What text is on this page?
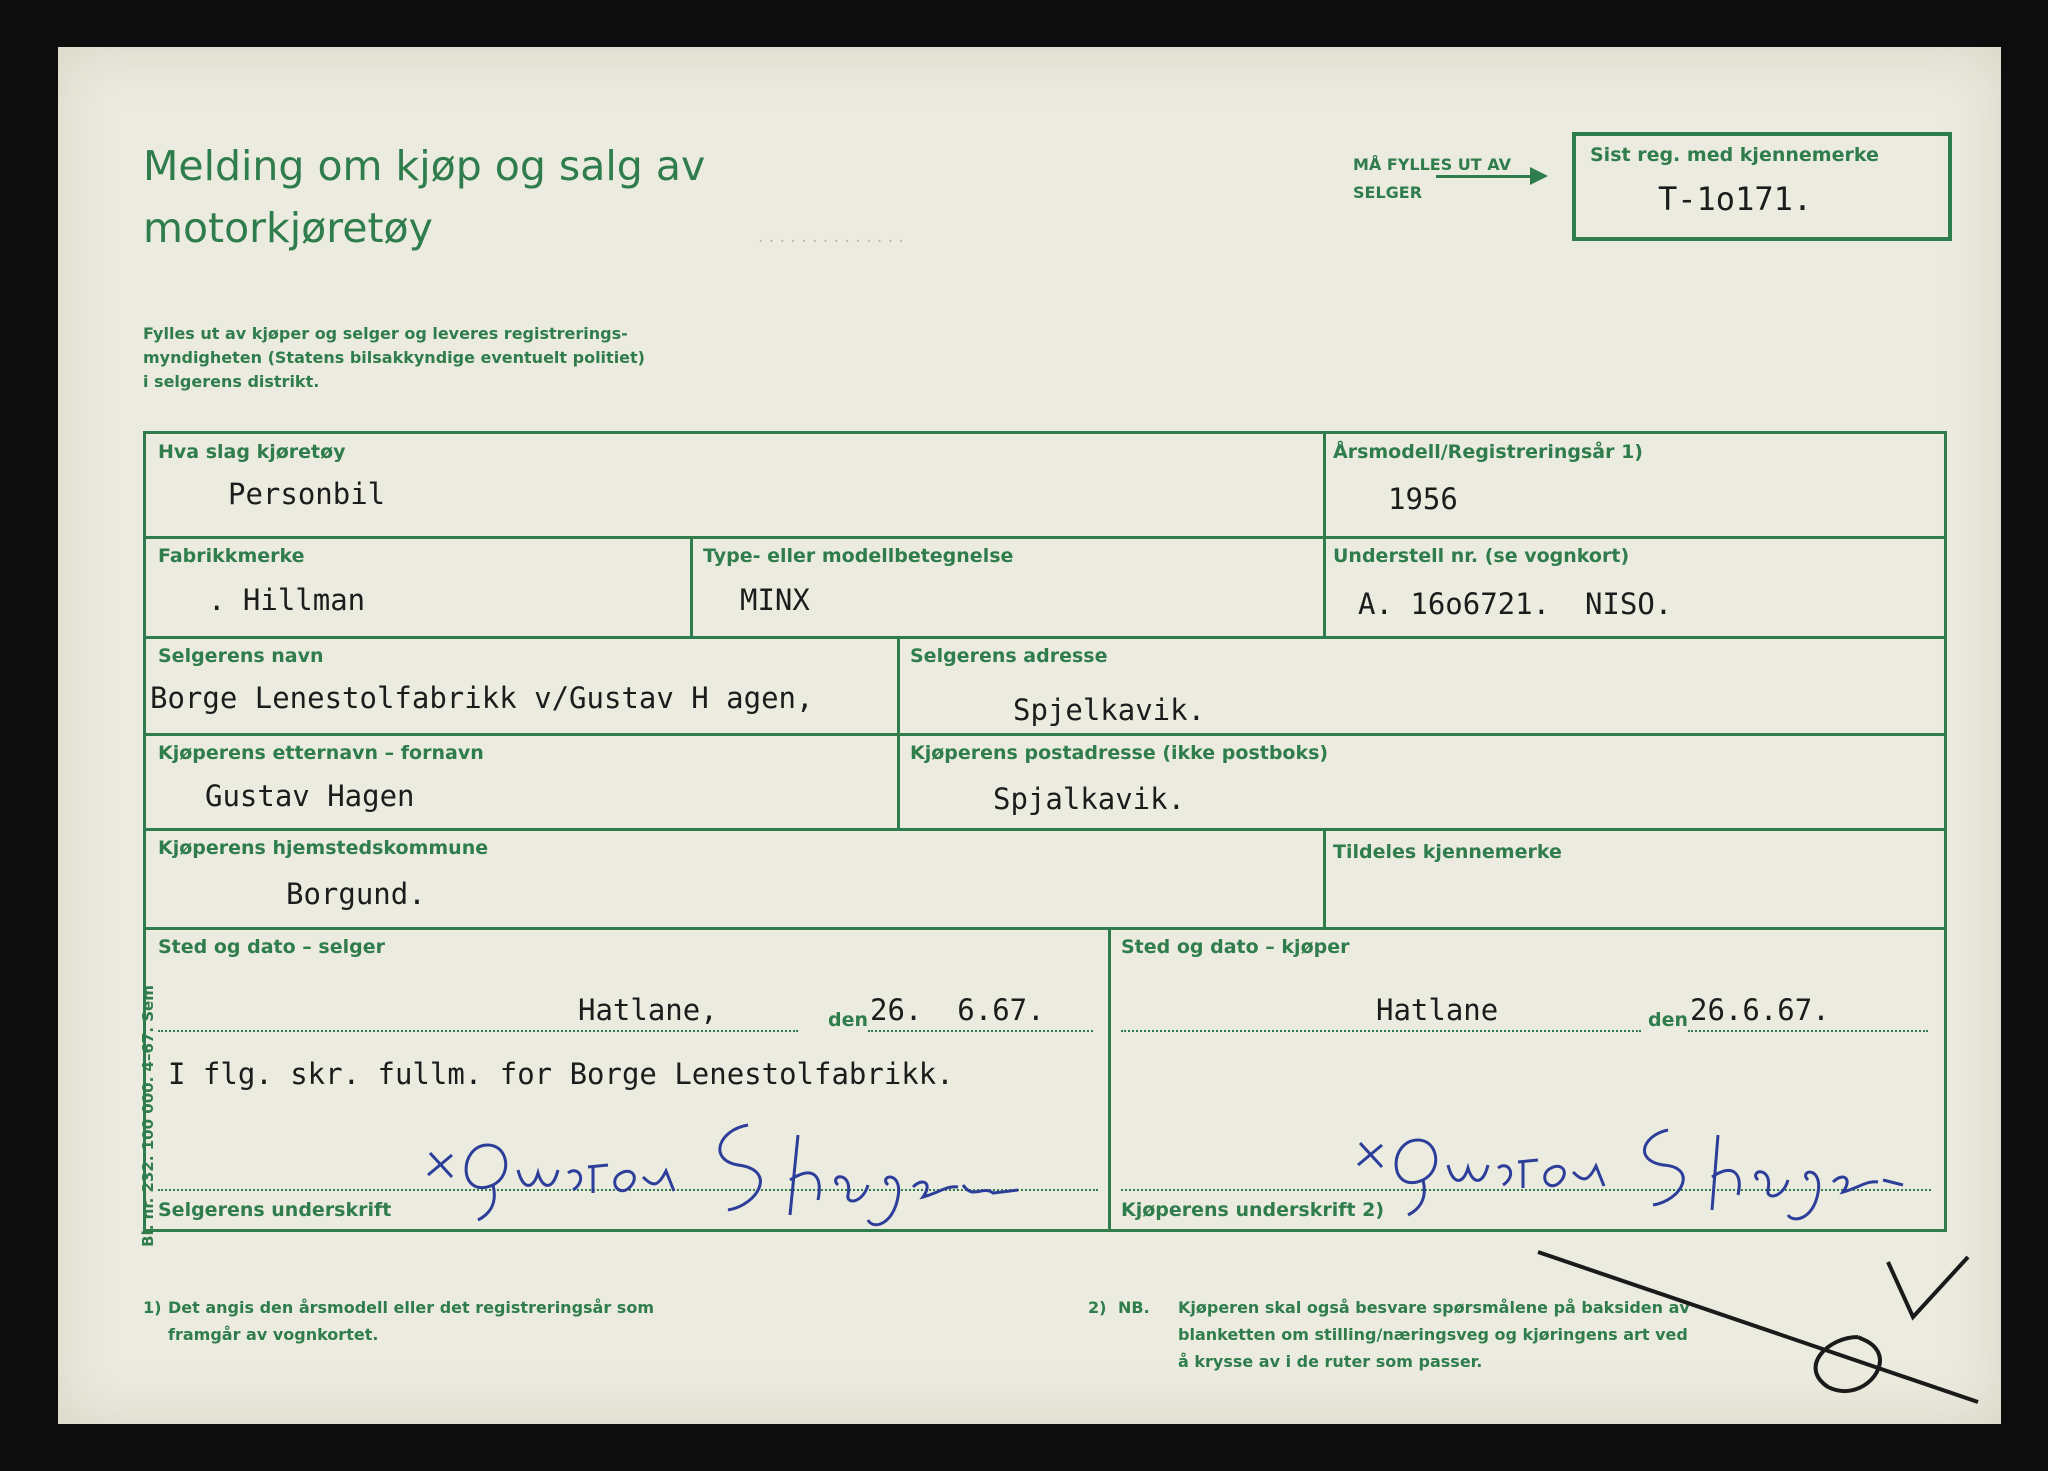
· · · · · · · · · · · · · ·
Melding om kjøp og salg av
motorkjøretøy
Fylles ut av kjøper og selger og leveres registrerings-
myndigheten (Statens bilsakkyndige eventuelt politiet)
i selgerens distrikt.
MÅ FYLLES UT AV
SELGER
Sist reg. med kjennemerke
T-1o171.
Hva slag kjøretøy
Personbil
Årsmodell/Registreringsår 1)
1956
Fabrikkmerke
. Hillman
Type- eller modellbetegnelse
MINX
Understell nr. (se vognkort)
A. 16o6721.  NISO.
Selgerens navn
Borge Lenestolfabrikk v/Gustav H agen,
Selgerens adresse
Spjelkavik.
Kjøperens etternavn – fornavn
Gustav Hagen
Kjøperens postadresse (ikke postboks)
Spjalkavik.
Kjøperens hjemstedskommune
Borgund.
Tildeles kjennemerke
Sted og dato – selger
Hatlane,	den 26.  6.67.
Sted og dato – kjøper
Hatlane	den 26.6.67.
I flg. skr. fullm. for Borge Lenestolfabrikk.
Selgerens underskrift	Kjøperens underskrift 2)
Bl. nr. 232. 100 000. 4–67. Sem
1) Det angis den årsmodell eller det registreringsår som
framgår av vognkortet.
2) NB. Kjøperen skal også besvare spørsmålene på baksiden av
blanketten om stilling/næringsveg og kjøringens art ved
å krysse av i de ruter som passer.
